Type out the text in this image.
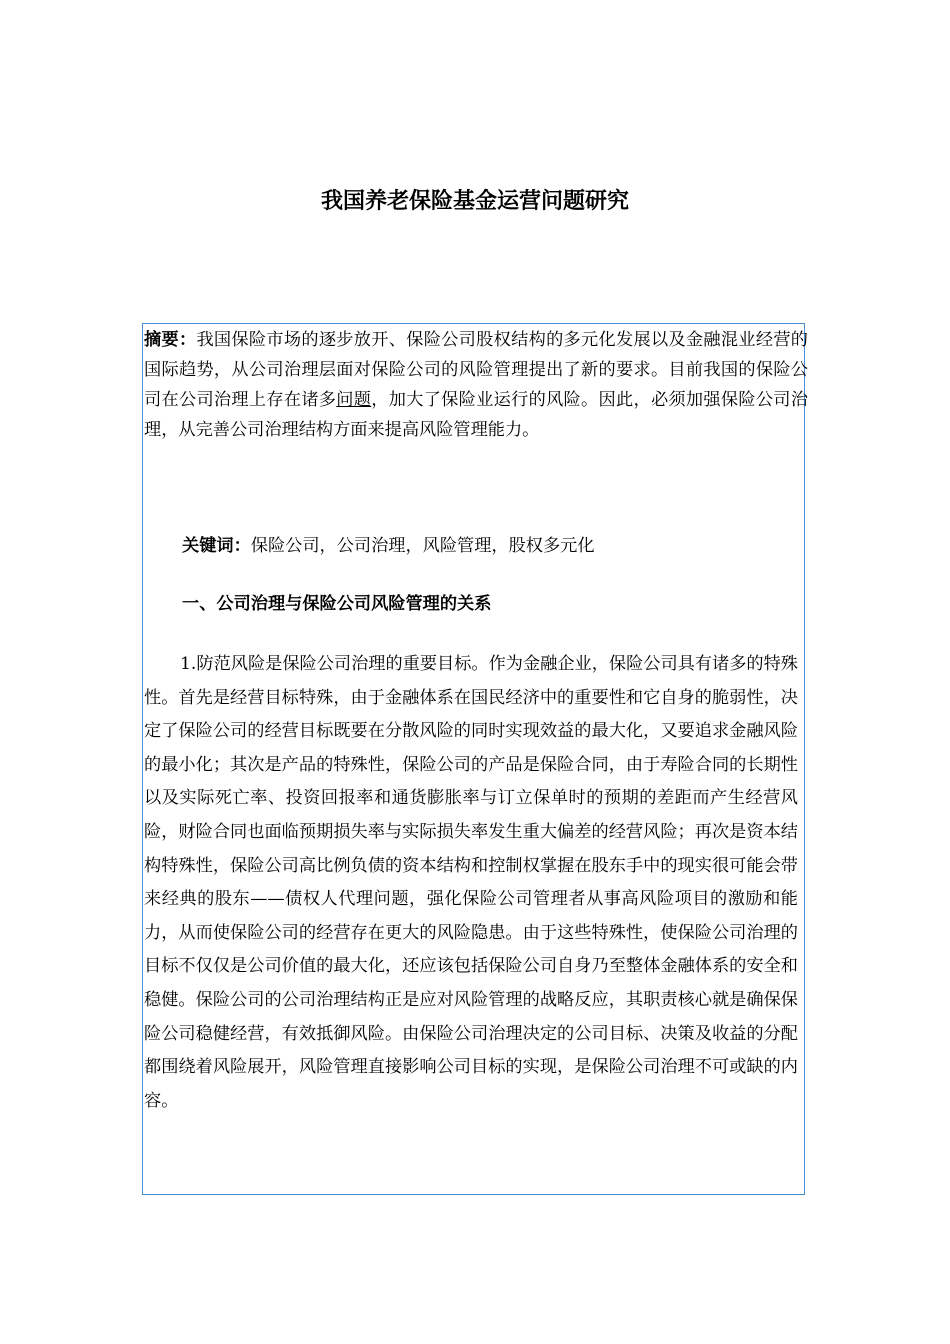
我国养老保险基金运营问题研究
摘要：我国保险市场的逐步放开、保险公司股权结构的多元化发展以及金融混业经营的国际趋势，从公司治理层面对保险公司的风险管理提出了新的要求。目前我国的保险公司在公司治理上存在诸多问题，加大了保险业运行的风险。因此，必须加强保险公司治理，从完善公司治理结构方面来提高风险管理能力。
关键词：保险公司，公司治理，风险管理，股权多元化
一、公司治理与保险公司风险管理的关系
1.防范风险是保险公司治理的重要目标。作为金融企业，保险公司具有诸多的特殊性。首先是经营目标特殊，由于金融体系在国民经济中的重要性和它自身的脆弱性，决定了保险公司的经营目标既要在分散风险的同时实现效益的最大化，又要追求金融风险的最小化；其次是产品的特殊性，保险公司的产品是保险合同，由于寿险合同的长期性以及实际死亡率、投资回报率和通货膨胀率与订立保单时的预期的差距而产生经营风险，财险合同也面临预期损失率与实际损失率发生重大偏差的经营风险；再次是资本结构特殊性，保险公司高比例负债的资本结构和控制权掌握在股东手中的现实很可能会带来经典的股东——债权人代理问题，强化保险公司管理者从事高风险项目的激励和能力，从而使保险公司的经营存在更大的风险隐患。由于这些特殊性，使保险公司治理的目标不仅仅是公司价值的最大化，还应该包括保险公司自身乃至整体金融体系的安全和稳健。保险公司的公司治理结构正是应对风险管理的战略反应，其职责核心就是确保保险公司稳健经营，有效抵御风险。由保险公司治理决定的公司目标、决策及收益的分配都围绕着风险展开，风险管理直接影响公司目标的实现，是保险公司治理不可或缺的内容。
